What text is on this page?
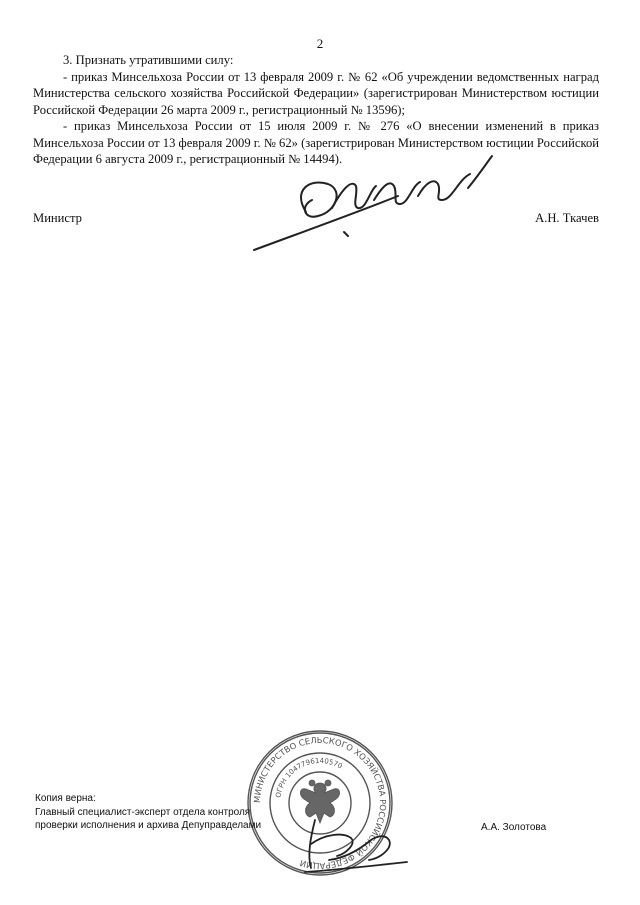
2

3. Признать утратившими силу:

- приказ Минсельхоза России от 13 февраля 2009 г. № 62 «Об учреждении ведомственных наград Министерства сельского хозяйства Российской Федерации» (зарегистрирован Министерством юстиции Российской Федерации 26 марта 2009 г., регистрационный № 13596);

- приказ Минсельхоза России от 15 июля 2009 г. № 276 «О внесении изменений в приказ Минсельхоза России от 13 февраля 2009 г. № 62» (зарегистрирован Министерством юстиции Российской Федерации 6 августа 2009 г., регистрационный № 14494).

Министр	А.Н. Ткачев
МИНИСТЕРСТВО СЕЛЬСКОГО ХОЗЯЙСТВА РОССИЙСКОЙ ФЕДЕРАЦИИ
ОГРН 1047796140570
Копия верна:
Главный специалист-эксперт отдела контроля
проверки исполнения и архива Депуправделами	А.А. Золотова
